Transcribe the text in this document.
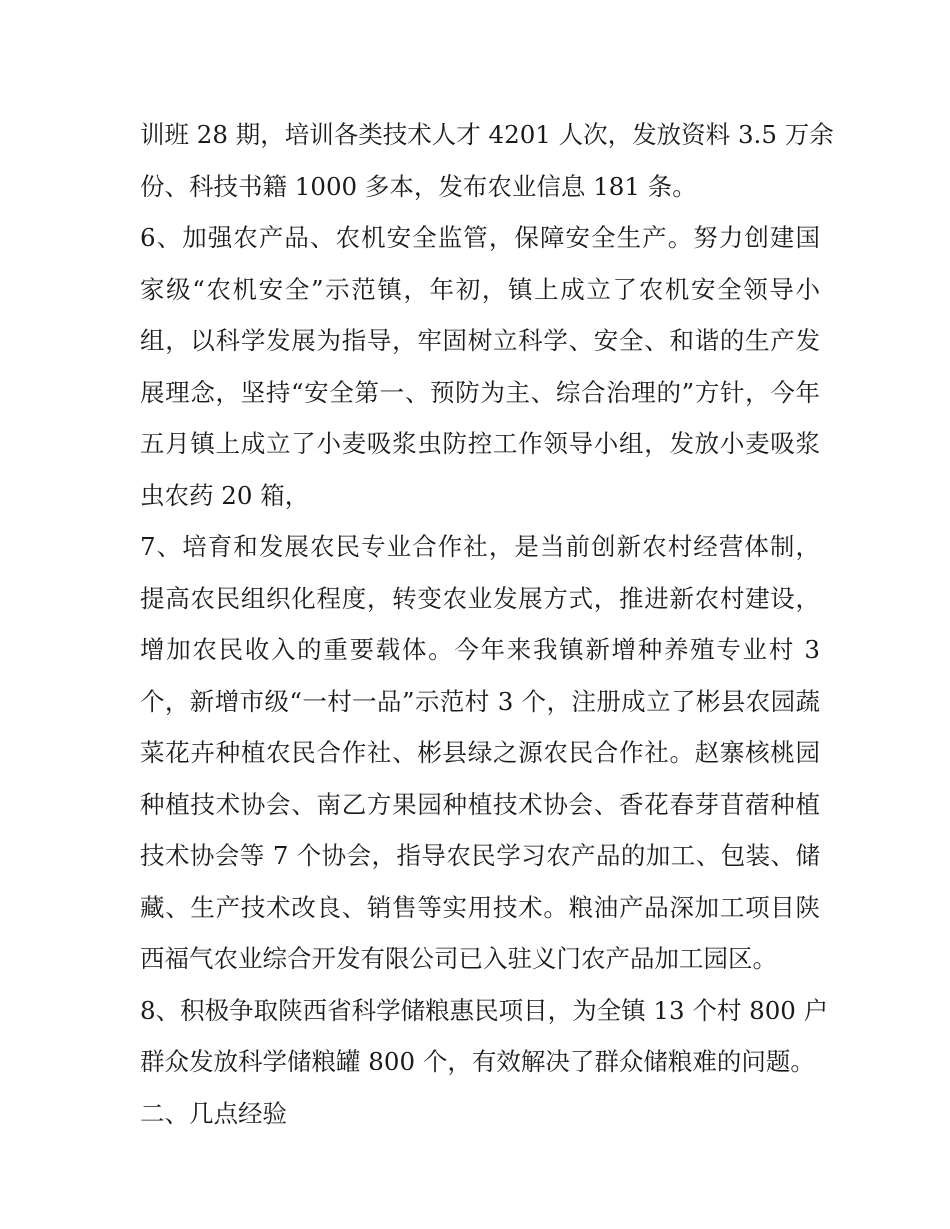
训班 28 期，培训各类技术人才 4201 人次，发放资料 3.5 万余
份、科技书籍 1000 多本，发布农业信息 181 条。
6、加强农产品、农机安全监管，保障安全生产。努力创建国
家级“农机安全”示范镇，年初，镇上成立了农机安全领导小
组，以科学发展为指导，牢固树立科学、安全、和谐的生产发
展理念，坚持“安全第一、预防为主、综合治理的”方针，今年
五月镇上成立了小麦吸浆虫防控工作领导小组，发放小麦吸浆
虫农药 20 箱，
7、培育和发展农民专业合作社，是当前创新农村经营体制，
提高农民组织化程度，转变农业发展方式，推进新农村建设，
增加农民收入的重要载体。今年来我镇新增种养殖专业村 3
个，新增市级“一村一品”示范村 3 个，注册成立了彬县农园蔬
菜花卉种植农民合作社、彬县绿之源农民合作社。赵寨核桃园
种植技术协会、南乙方果园种植技术协会、香花春芽苜蓿种植
技术协会等 7 个协会，指导农民学习农产品的加工、包装、储
藏、生产技术改良、销售等实用技术。粮油产品深加工项目陕
西福气农业综合开发有限公司已入驻义门农产品加工园区。
8、积极争取陕西省科学储粮惠民项目，为全镇 13 个村 800 户
群众发放科学储粮罐 800 个，有效解决了群众储粮难的问题。
二、几点经验
